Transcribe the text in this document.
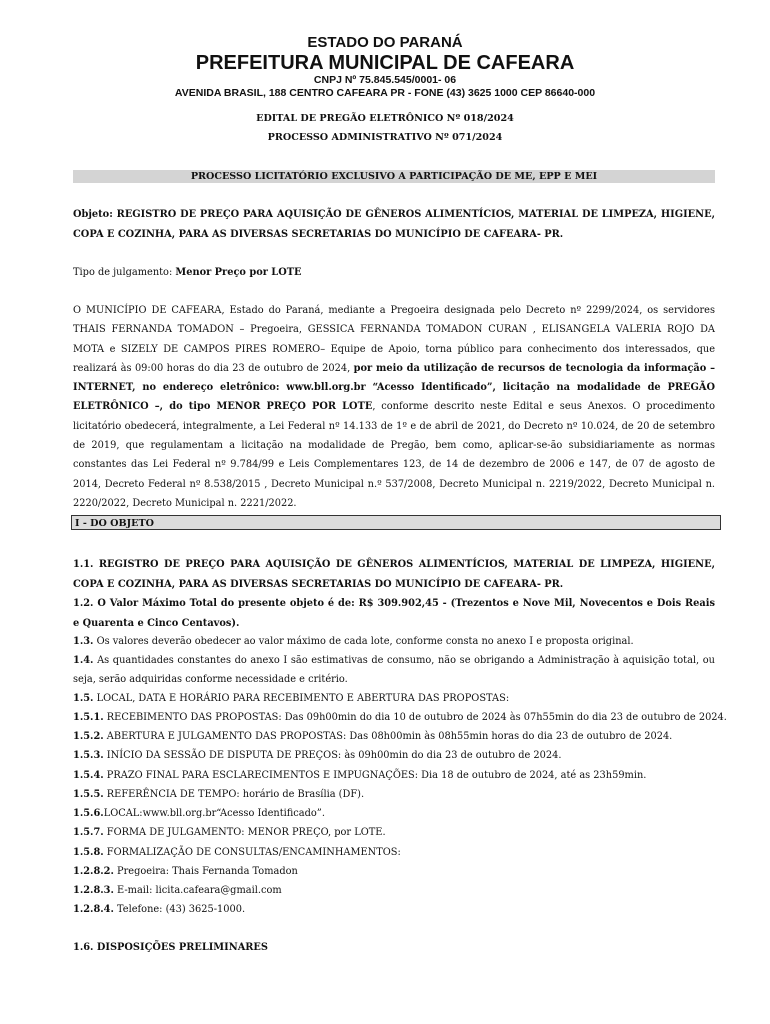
ESTADO DO PARANÁ
PREFEITURA MUNICIPAL DE CAFEARA
CNPJ Nº 75.845.545/0001- 06
AVENIDA BRASIL, 188 CENTRO CAFEARA PR - FONE (43) 3625 1000 CEP 86640-000
EDITAL DE PREGÃO ELETRÔNICO Nº 018/2024
PROCESSO ADMINISTRATIVO Nº 071/2024
PROCESSO LICITATÓRIO EXCLUSIVO A PARTICIPAÇÃO DE ME, EPP E MEI
Objeto: REGISTRO DE PREÇO PARA AQUISIÇÃO DE GÊNEROS ALIMENTÍCIOS, MATERIAL DE LIMPEZA, HIGIENE, COPA E COZINHA, PARA AS DIVERSAS SECRETARIAS DO MUNICÍPIO DE CAFEARA- PR.
Tipo de julgamento: Menor Preço por LOTE
O MUNICÍPIO DE CAFEARA, Estado do Paraná, mediante a Pregoeira designada pelo Decreto nº 2299/2024, os servidores THAIS FERNANDA TOMADON – Pregoeira, GESSICA FERNANDA TOMADON CURAN , ELISANGELA VALERIA ROJO DA MOTA e SIZELY DE CAMPOS PIRES ROMERO– Equipe de Apoio, torna público para conhecimento dos interessados, que realizará às 09:00 horas do dia 23 de outubro de 2024, por meio da utilização de recursos de tecnologia da informação – INTERNET, no endereço eletrônico: www.bll.org.br “Acesso Identificado”, licitação na modalidade de PREGÃO ELETRÔNICO –, do tipo MENOR PREÇO POR LOTE, conforme descrito neste Edital e seus Anexos. O procedimento licitatório obedecerá, integralmente, a Lei Federal nº 14.133 de 1º e de abril de 2021, do Decreto nº 10.024, de 20 de setembro de 2019, que regulamentam a licitação na modalidade de Pregão, bem como, aplicar-se-ão subsidiariamente as normas constantes das Lei Federal nº 9.784/99 e Leis Complementares 123, de 14 de dezembro de 2006 e 147, de 07 de agosto de 2014, Decreto Federal nº 8.538/2015 , Decreto Municipal n.º 537/2008, Decreto Municipal n. 2219/2022, Decreto Municipal n. 2220/2022, Decreto Municipal n. 2221/2022.
I - DO OBJETO
1.1. REGISTRO DE PREÇO PARA AQUISIÇÃO DE GÊNEROS ALIMENTÍCIOS, MATERIAL DE LIMPEZA, HIGIENE, COPA E COZINHA, PARA AS DIVERSAS SECRETARIAS DO MUNICÍPIO DE CAFEARA- PR.
1.2. O Valor Máximo Total do presente objeto é de: R$ 309.902,45 - (Trezentos e Nove Mil, Novecentos e Dois Reais e Quarenta e Cinco Centavos).
1.3. Os valores deverão obedecer ao valor máximo de cada lote, conforme consta no anexo I e proposta original.
1.4. As quantidades constantes do anexo I são estimativas de consumo, não se obrigando a Administração à aquisição total, ou seja, serão adquiridas conforme necessidade e critério.
1.5. LOCAL, DATA E HORÁRIO PARA RECEBIMENTO E ABERTURA DAS PROPOSTAS:
1.5.1. RECEBIMENTO DAS PROPOSTAS: Das 09h00min do dia 10 de outubro de 2024 às 07h55min do dia 23 de outubro de 2024.
1.5.2. ABERTURA E JULGAMENTO DAS PROPOSTAS: Das 08h00min às 08h55min horas do dia 23 de outubro de 2024.
1.5.3. INÍCIO DA SESSÃO DE DISPUTA DE PREÇOS: às 09h00min do dia 23 de outubro de 2024.
1.5.4. PRAZO FINAL PARA ESCLARECIMENTOS E IMPUGNAÇÕES: Dia 18 de outubro de 2024, até as 23h59min.
1.5.5. REFERÊNCIA DE TEMPO: horário de Brasília (DF).
1.5.6.LOCAL:www.bll.org.br“Acesso Identificado”.
1.5.7. FORMA DE JULGAMENTO: MENOR PREÇO, por LOTE.
1.5.8. FORMALIZAÇÃO DE CONSULTAS/ENCAMINHAMENTOS:
1.2.8.2. Pregoeira: Thais Fernanda Tomadon
1.2.8.3. E-mail: licita.cafeara@gmail.com
1.2.8.4. Telefone: (43) 3625-1000.
1.6. DISPOSIÇÕES PRELIMINARES
